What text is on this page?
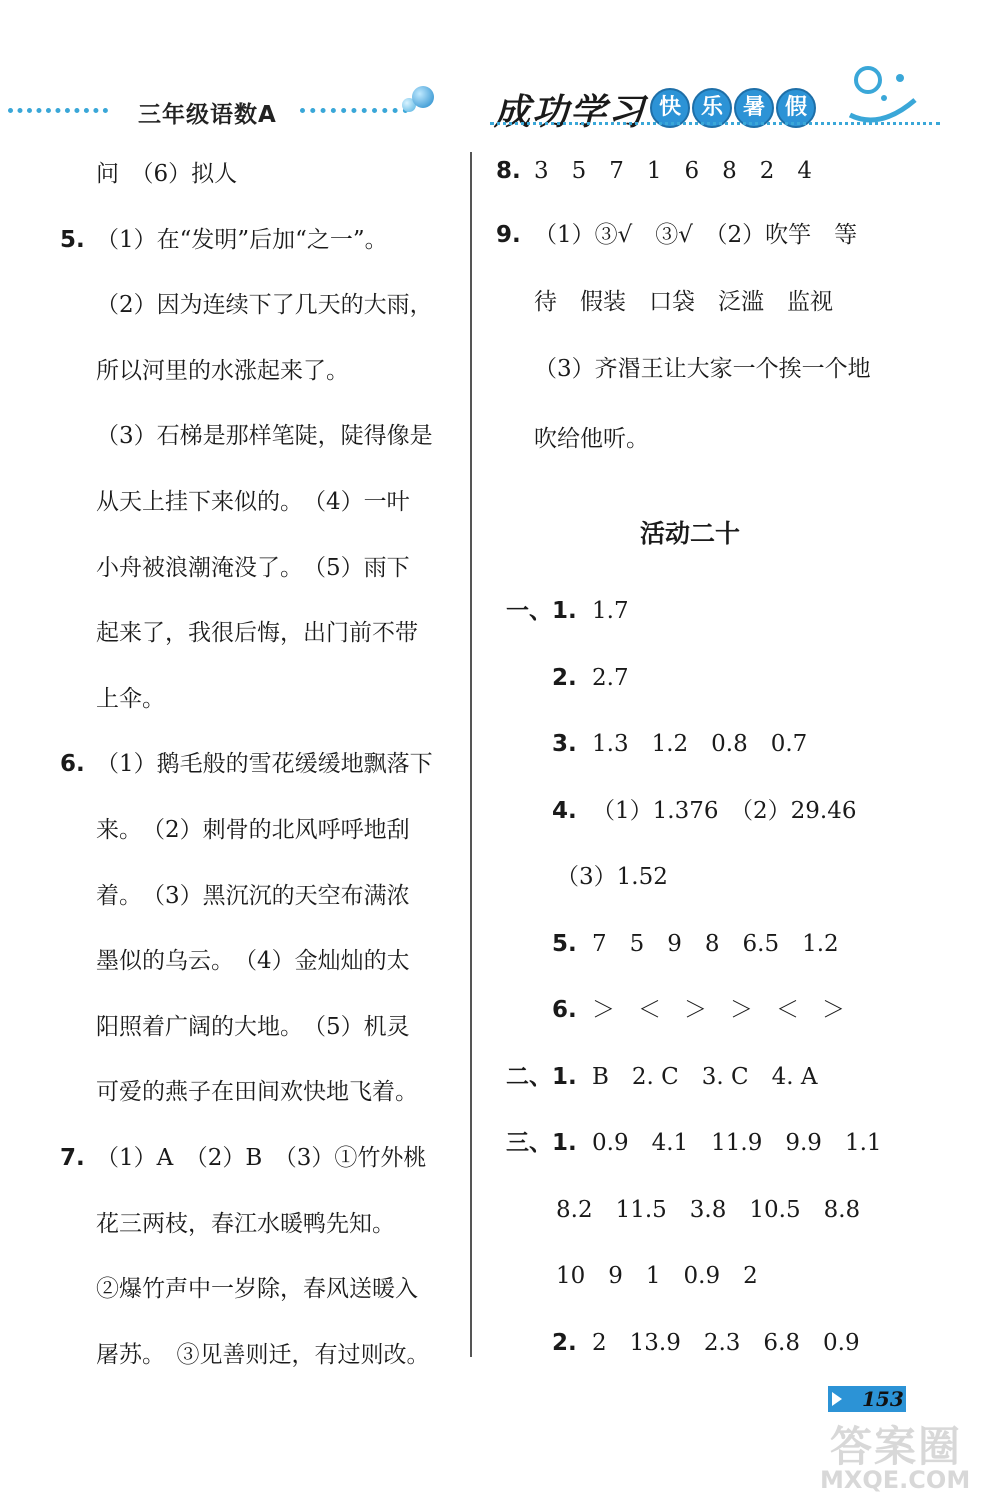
三年级语数A	成功学习 快 乐 暑 假
问　（6）拟人
5. （1）在“发明”后加“之一”。
（2）因为连续下了几天的大雨，
所以河里的水涨起来了。
（3）石梯是那样笔陡，陡得像是
从天上挂下来似的。　（4）一叶
小舟被浪潮淹没了。　（5）雨下
起来了，我很后悔，出门前不带
上伞。
6. （1）鹅毛般的雪花缓缓地飘落下
来。　（2）刺骨的北风呼呼地刮
着。　（3）黑沉沉的天空布满浓
墨似的乌云。　（4）金灿灿的太
阳照着广阔的大地。　（5）机灵
可爱的燕子在田间欢快地飞着。
7. （1）A　（2）B　（3）①竹外桃
花三两枝，春江水暖鸭先知。
②爆竹声中一岁除，春风送暖入
屠苏。　③见善则迁，有过则改。
8. 3　5　7　1　6　8　2　4
9. （1）③√　③√　（2）吹竽　等
待　假装　口袋　泛滥　监视
（3）齐湣王让大家一个挨一个地
吹给他听。
活动二十
一、1. 1.7
2. 2.7
3. 1.3　1.2　0.8　0.7
4. （1）1.376　（2）29.46
（3）1.52
5. 7　5　9　8　6.5　1.2
6. ＞　＜　＞　＞　＜　＞
二、1. B　2. C　3. C　4. A
三、1. 0.9　4.1　11.9　9.9　1.1
8.2　11.5　3.8　10.5　8.8
10　9　1　0.9　2
2. 2　13.9　2.3　6.8　0.9
153
答案圈
MXQE.COM
